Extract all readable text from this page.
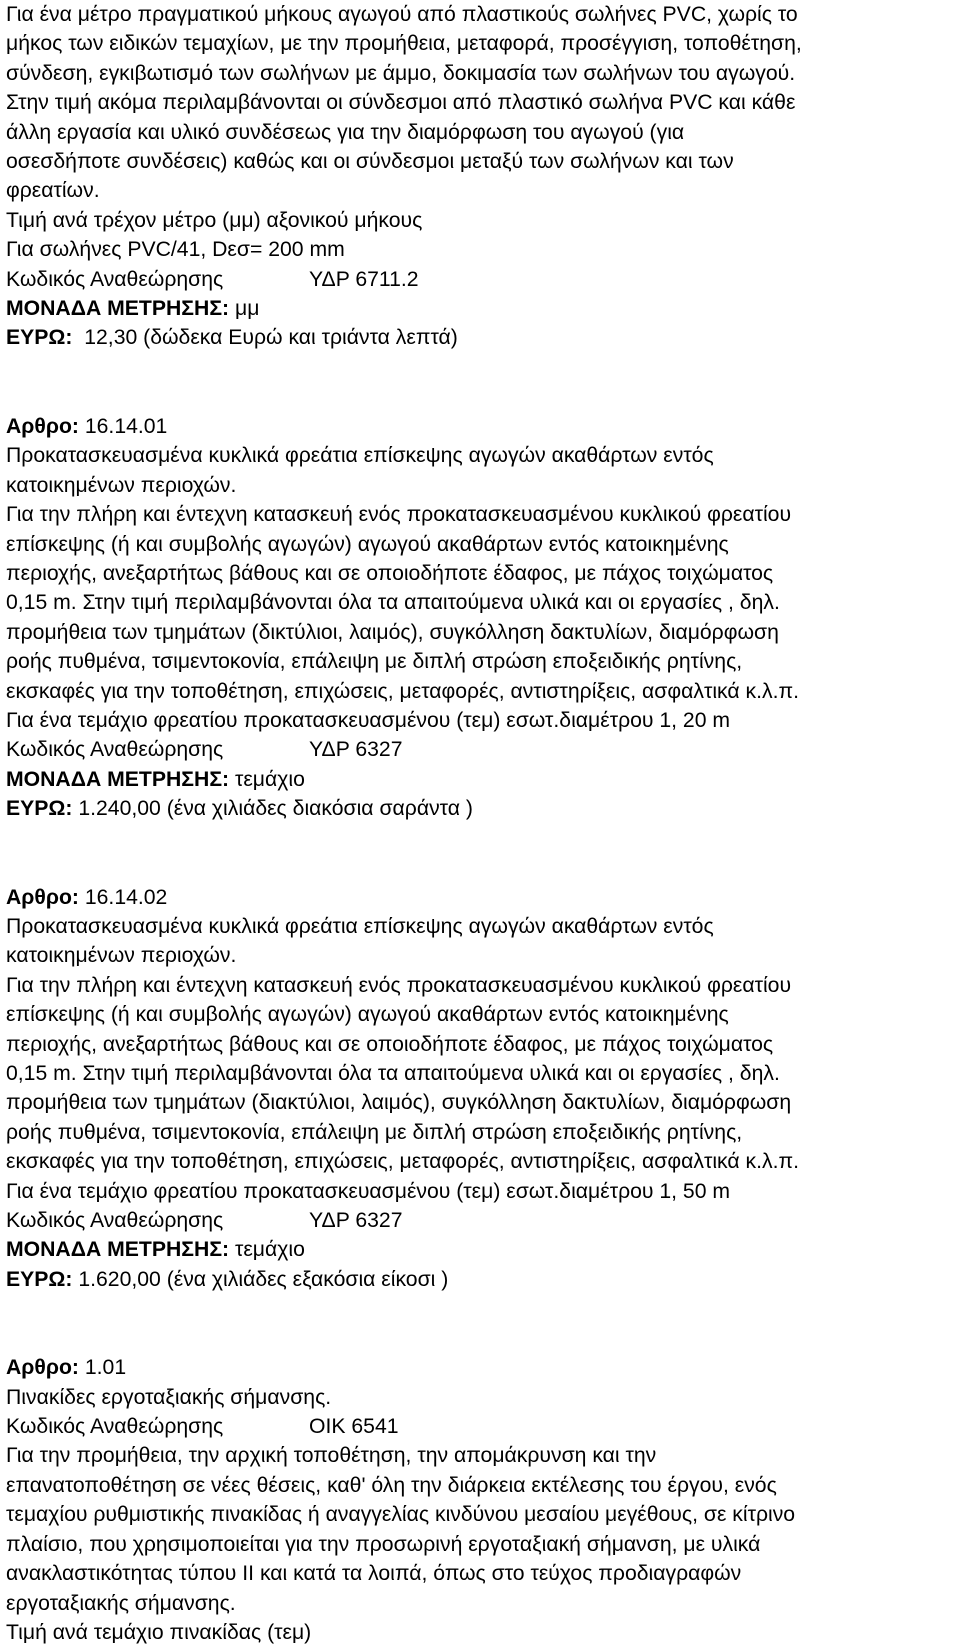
Για ένα μέτρο πραγματικού μήκους αγωγού από πλαστικούς σωλήνες PVC, χωρίς το
μήκος των ειδικών τεμαχίων, με την προμήθεια, μεταφορά, προσέγγιση, τοποθέτηση,
σύνδεση, εγκιβωτισμό των σωλήνων με άμμο, δοκιμασία των σωλήνων του αγωγού.
Στην τιμή ακόμα περιλαμβάνονται οι σύνδεσμοι από πλαστικό σωλήνα PVC και κάθε
άλλη εργασία και υλικό συνδέσεως για την διαμόρφωση του αγωγού (για
οσεσδήποτε συνδέσεις) καθώς και οι σύνδεσμοι μεταξύ των σωλήνων και των
φρεατίων.
Τιμή ανά τρέχον μέτρο (μμ) αξονικού μήκους
Για σωλήνες PVC/41, Dεσ= 200 mm
Κωδικός Αναθεώρησης	ΥΔΡ 6711.2
ΜΟΝΑΔΑ ΜΕΤΡΗΣΗΣ: μμ
ΕΥΡΩ: 12,30 (δώδεκα Ευρώ και τριάντα λεπτά)
Αρθρο: 16.14.01
Προκατασκευασμένα κυκλικά φρεάτια επίσκεψης αγωγών ακαθάρτων εντός
κατοικημένων περιοχών.
Για την πλήρη και έντεχνη κατασκευή ενός προκατασκευασμένου κυκλικού φρεατίου
επίσκεψης (ή και συμβολής αγωγών) αγωγού ακαθάρτων εντός κατοικημένης
περιοχής, ανεξαρτήτως βάθους και σε οποιοδήποτε έδαφος, με πάχος τοιχώματος
0,15 m. Στην τιμή περιλαμβάνονται όλα τα απαιτούμενα υλικά και οι εργασίες , δηλ.
προμήθεια των τμημάτων (δικτύλιοι, λαιμός), συγκόλληση δακτυλίων, διαμόρφωση
ροής πυθμένα, τσιμεντοκονία, επάλειψη με διπλή στρώση εποξειδικής ρητίνης,
εκσκαφές για την τοποθέτηση, επιχώσεις, μεταφορές, αντιστηρίξεις, ασφαλτικά κ.λ.π.
Για ένα τεμάχιο φρεατίου προκατασκευασμένου (τεμ) εσωτ.διαμέτρου 1, 20 m
Κωδικός Αναθεώρησης	ΥΔΡ 6327
ΜΟΝΑΔΑ ΜΕΤΡΗΣΗΣ: τεμάχιο
ΕΥΡΩ: 1.240,00 (ένα χιλιάδες διακόσια σαράντα )
Αρθρο: 16.14.02
Προκατασκευασμένα κυκλικά φρεάτια επίσκεψης αγωγών ακαθάρτων εντός
κατοικημένων περιοχών.
Για την πλήρη και έντεχνη κατασκευή ενός προκατασκευασμένου κυκλικού φρεατίου
επίσκεψης (ή και συμβολής αγωγών) αγωγού ακαθάρτων εντός κατοικημένης
περιοχής, ανεξαρτήτως βάθους και σε οποιοδήποτε έδαφος, με πάχος τοιχώματος
0,15 m. Στην τιμή περιλαμβάνονται όλα τα απαιτούμενα υλικά και οι εργασίες , δηλ.
προμήθεια των τμημάτων (διακτύλιοι, λαιμός), συγκόλληση δακτυλίων, διαμόρφωση
ροής πυθμένα, τσιμεντοκονία, επάλειψη με διπλή στρώση εποξειδικής ρητίνης,
εκσκαφές για την τοποθέτηση, επιχώσεις, μεταφορές, αντιστηρίξεις, ασφαλτικά κ.λ.π.
Για ένα τεμάχιο φρεατίου προκατασκευασμένου (τεμ) εσωτ.διαμέτρου 1, 50 m
Κωδικός Αναθεώρησης	ΥΔΡ 6327
ΜΟΝΑΔΑ ΜΕΤΡΗΣΗΣ: τεμάχιο
ΕΥΡΩ: 1.620,00 (ένα χιλιάδες εξακόσια είκοσι )
Αρθρο: 1.01
Πινακίδες εργοταξιακής σήμανσης.
Κωδικός Αναθεώρησης	ΟΙΚ 6541
Για την προμήθεια, την αρχική τοποθέτηση, την απομάκρυνση και την
επανατοποθέτηση σε νέες θέσεις, καθ' όλη την διάρκεια εκτέλεσης του έργου, ενός
τεμαχίου ρυθμιστικής πινακίδας ή αναγγελίας κινδύνου μεσαίου μεγέθους, σε κίτρινο
πλαίσιο, που χρησιμοποιείται για την προσωρινή εργοταξιακή σήμανση, με υλικά
ανακλαστικότητας τύπου ΙΙ και κατά τα λοιπά, όπως στο τεύχος προδιαγραφών
εργοταξιακής σήμανσης.
Τιμή ανά τεμάχιο πινακίδας (τεμ)
